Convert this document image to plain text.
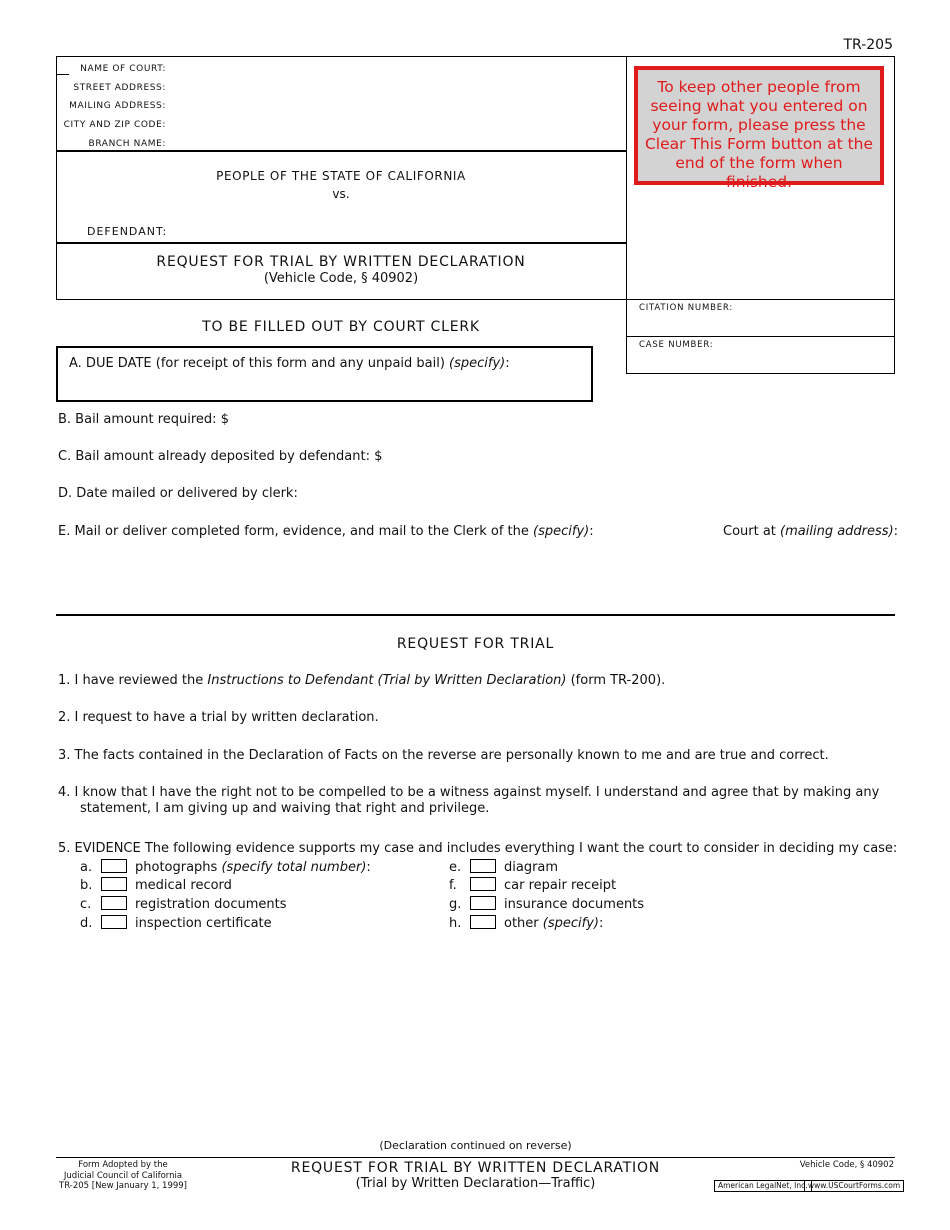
TR-205
NAME OF COURT:
STREET ADDRESS:
MAILING ADDRESS:
CITY AND ZIP CODE:
BRANCH NAME:
PEOPLE OF THE STATE OF CALIFORNIA
vs.
DEFENDANT:
To keep other people from seeing what you entered on your form, please press the Clear This Form button at the end of the form when finished.
REQUEST FOR TRIAL BY WRITTEN DECLARATION
(Vehicle Code, § 40902)
CITATION NUMBER:
CASE NUMBER:
TO BE FILLED OUT BY COURT CLERK
A. DUE DATE (for receipt of this form and any unpaid bail) (specify):
B. Bail amount required: $
C. Bail amount already deposited by defendant: $
D. Date mailed or delivered by clerk:
E. Mail or deliver completed form, evidence, and mail to the Clerk of the (specify):	Court at (mailing address):
REQUEST FOR TRIAL
1. I have reviewed the Instructions to Defendant (Trial by Written Declaration) (form TR-200).
2. I request to have a trial by written declaration.
3. The facts contained in the Declaration of Facts on the reverse are personally known to me and are true and correct.
4. I know that I have the right not to be compelled to be a witness against myself. I understand and agree that by making any
statement, I am giving up and waiving that right and privilege.
5. EVIDENCE The following evidence supports my case and includes everything I want the court to consider in deciding my case:
a.	photographs (specify total number):
b.	medical record
c.	registration documents
d.	inspection certificate
e.	diagram
f.	car repair receipt
g.	insurance documents
h.	other (specify):
(Declaration continued on reverse)
Form Adopted by the
Judicial Council of California
TR-205 [New January 1, 1999]
REQUEST FOR TRIAL BY WRITTEN DECLARATION
(Trial by Written Declaration—Traffic)
Vehicle Code, § 40902
American LegalNet, Inc. www.USCourtForms.com
